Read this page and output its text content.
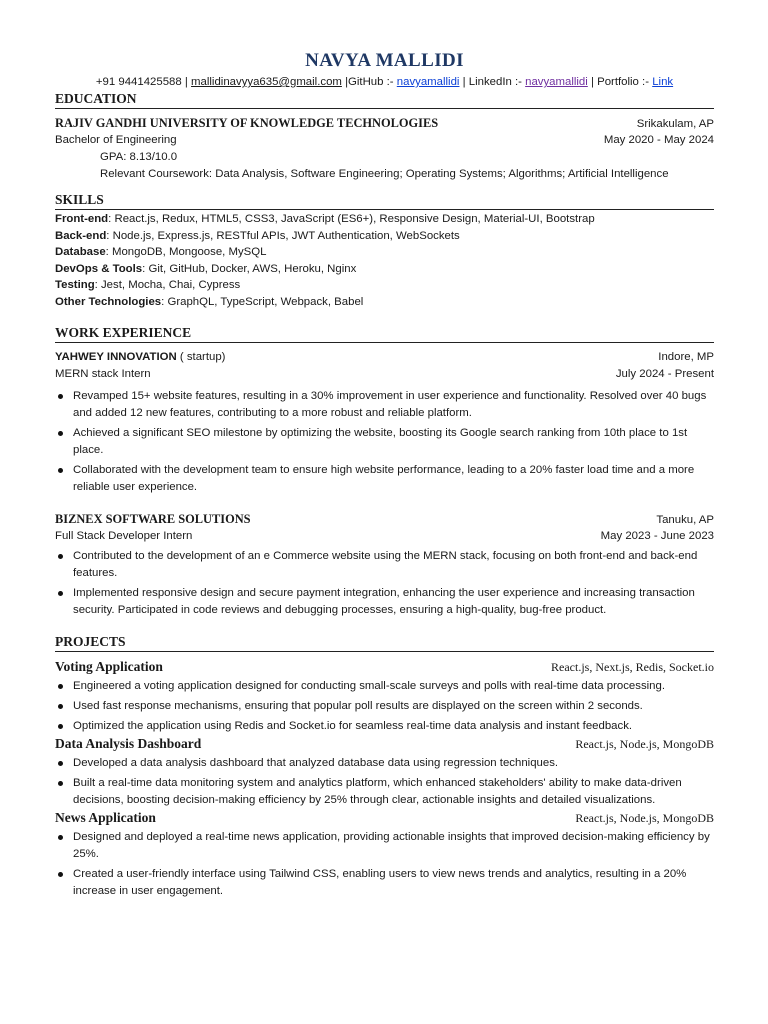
NAVYA MALLIDI
+91 9441425588 | mallidinavyya635@gmail.com |GitHub :- navyamallidi | LinkedIn :- navyamallidi | Portfolio :- Link
EDUCATION
RAJIV GANDHI UNIVERSITY OF KNOWLEDGE TECHNOLOGIES	Srikakulam, AP
Bachelor of Engineering	May 2020 - May 2024
GPA: 8.13/10.0
Relevant Coursework: Data Analysis, Software Engineering; Operating Systems; Algorithms; Artificial Intelligence
SKILLS
Front-end: React.js, Redux, HTML5, CSS3, JavaScript (ES6+), Responsive Design, Material-UI, Bootstrap
Back-end: Node.js, Express.js, RESTful APIs, JWT Authentication, WebSockets
Database: MongoDB, Mongoose, MySQL
DevOps & Tools: Git, GitHub, Docker, AWS, Heroku, Nginx
Testing: Jest, Mocha, Chai, Cypress
Other Technologies: GraphQL, TypeScript, Webpack, Babel
WORK EXPERIENCE
YAHWEY INNOVATION ( startup)	Indore, MP
MERN stack Intern	July 2024 - Present
Revamped 15+ website features, resulting in a 30% improvement in user experience and functionality. Resolved over 40 bugs and added 12 new features, contributing to a more robust and reliable platform.
Achieved a significant SEO milestone by optimizing the website, boosting its Google search ranking from 10th place to 1st place.
Collaborated with the development team to ensure high website performance, leading to a 20% faster load time and a more reliable user experience.
BIZNEX SOFTWARE SOLUTIONS	Tanuku, AP
Full Stack Developer Intern	May 2023 - June 2023
Contributed to the development of an e Commerce website using the MERN stack, focusing on both front-end and back-end features.
Implemented responsive design and secure payment integration, enhancing the user experience and increasing transaction security. Participated in code reviews and debugging processes, ensuring a high-quality, bug-free product.
PROJECTS
Voting Application	React.js, Next.js, Redis, Socket.io
Engineered a voting application designed for conducting small-scale surveys and polls with real-time data processing.
Used fast response mechanisms, ensuring that popular poll results are displayed on the screen within 2 seconds.
Optimized the application using Redis and Socket.io for seamless real-time data analysis and instant feedback.
Data Analysis Dashboard	React.js, Node.js, MongoDB
Developed a data analysis dashboard that analyzed database data using regression techniques.
Built a real-time data monitoring system and analytics platform, which enhanced stakeholders' ability to make data-driven decisions, boosting decision-making efficiency by 25% through clear, actionable insights and detailed visualizations.
News Application	React.js, Node.js, MongoDB
Designed and deployed a real-time news application, providing actionable insights that improved decision-making efficiency by 25%.
Created a user-friendly interface using Tailwind CSS, enabling users to view news trends and analytics, resulting in a 20% increase in user engagement.
